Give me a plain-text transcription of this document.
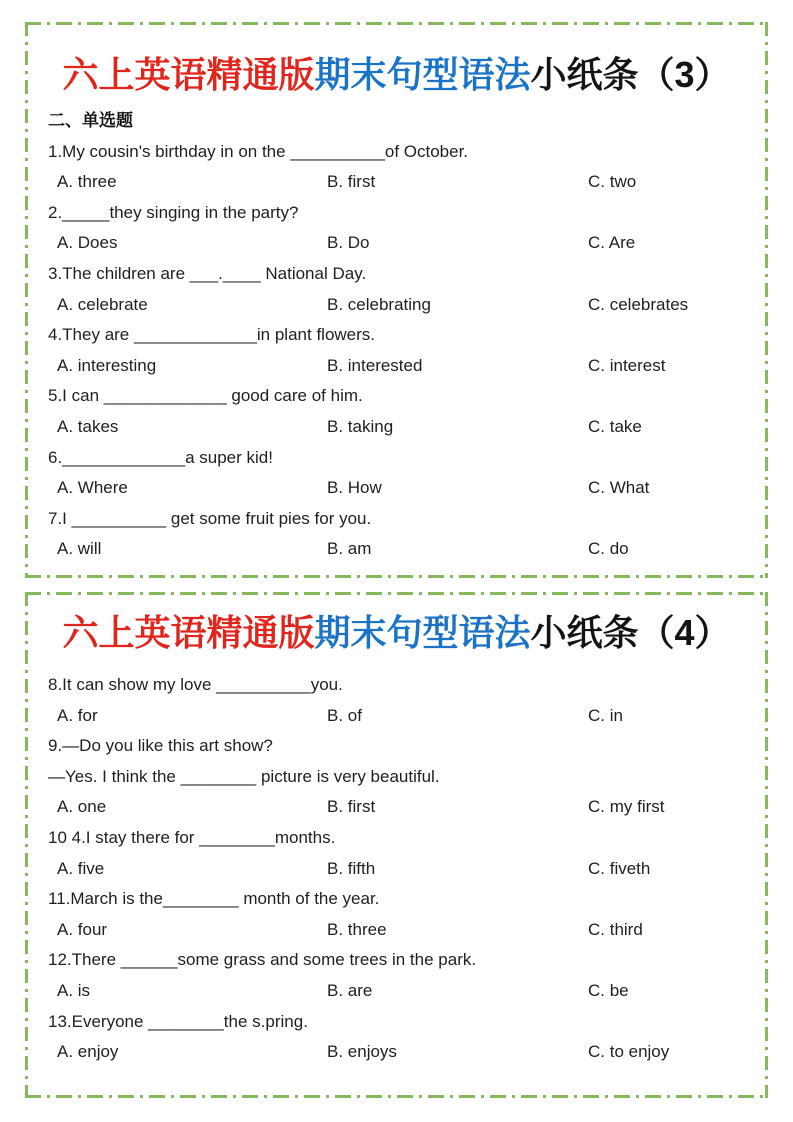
六上英语精通版期末句型语法小纸条（3）
二、单选题
1.My cousin's birthday in on the __________of October.
A. three	B. first	C. two
2._____they singing in the party?
A. Does	B. Do	C. Are
3.The children are ___.____ National Day.
A. celebrate	B. celebrating	C. celebrates
4.They are _____________in plant flowers.
A. interesting	B. interested	C. interest
5.I can _____________ good care of him.
A. takes	B. taking	C. take
6._____________a super kid!
A. Where	B. How	C. What
7.I __________ get some fruit pies for you.
A. will	B. am	C. do
六上英语精通版期末句型语法小纸条（4）
8.It can show my love __________you.
A. for	B. of	C. in
9.—Do you like this art show?
—Yes. I think the ________ picture is very beautiful.
A. one	B. first	C. my first
10 4.I stay there for ________months.
A. five	B. fifth	C. fiveth
11.March is the________ month of the year.
A. four	B. three	C. third
12.There ______some grass and some trees in the park.
A. is	B. are	C. be
13.Everyone ________the s.pring.
A. enjoy	B. enjoys	C. to enjoy
